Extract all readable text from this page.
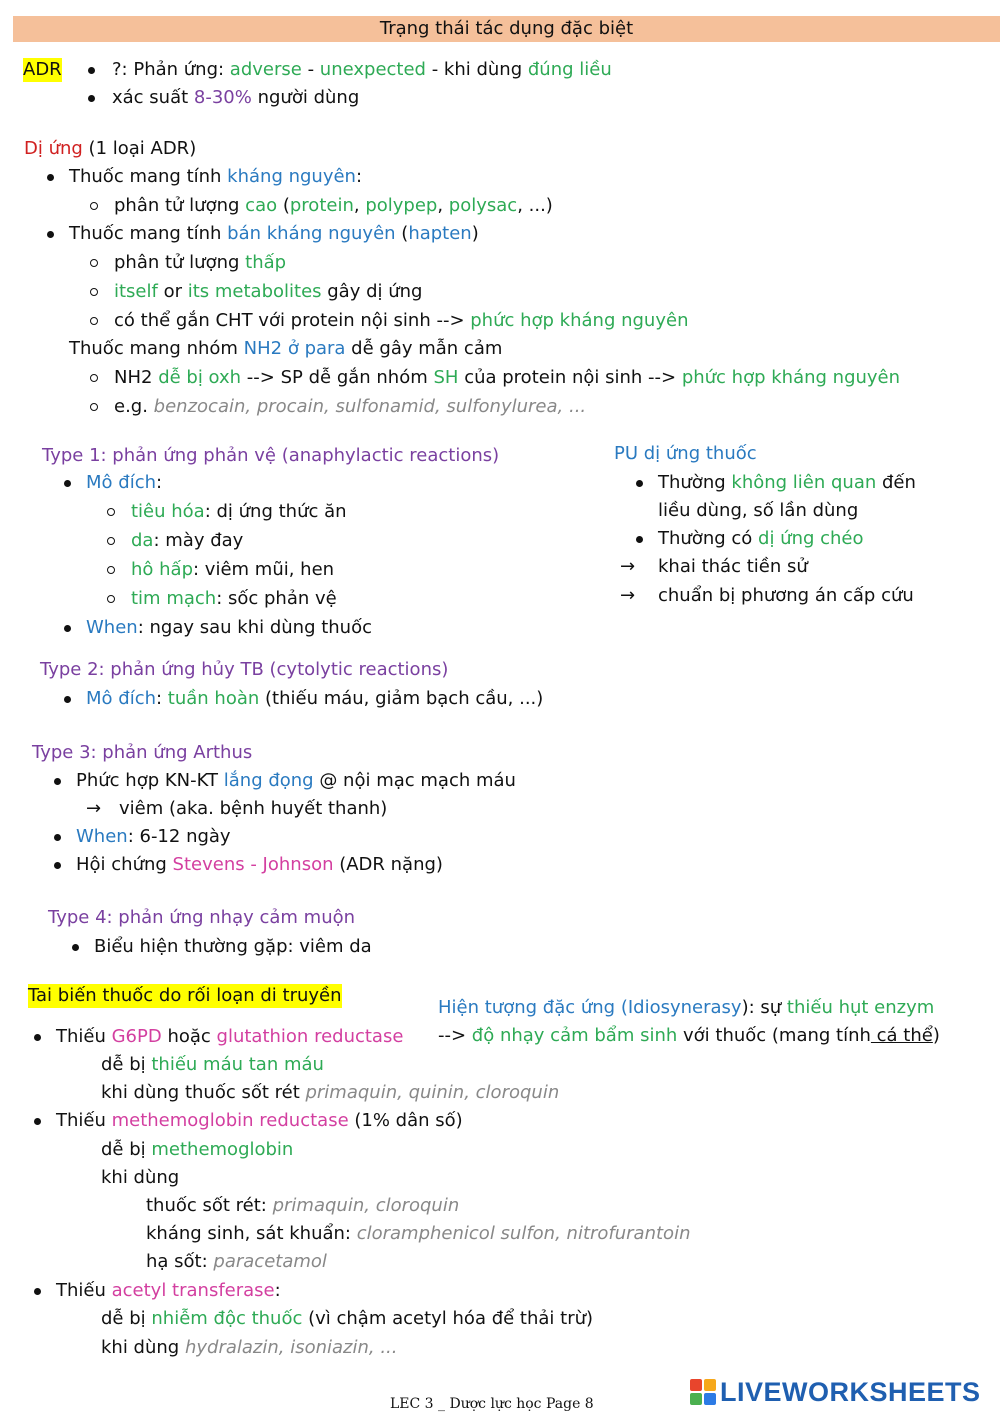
Trạng thái tác dụng đặc biệt
ADR	?: Phản ứng: adverse - unexpected - khi dùng đúng liều
xác suất 8-30% người dùng
Dị ứng (1 loại ADR)
Thuốc mang tính kháng nguyên:
phân tử lượng cao (protein, polypep, polysac, ...)
Thuốc mang tính bán kháng nguyên (hapten)
phân tử lượng thấp
itself or its metabolites gây dị ứng
có thể gắn CHT với protein nội sinh --> phức hợp kháng nguyên
Thuốc mang nhóm NH2 ở para dễ gây mẫn cảm
NH2 dễ bị oxh --> SP dễ gắn nhóm SH của protein nội sinh --> phức hợp kháng nguyên
e.g. benzocain, procain, sulfonamid, sulfonylurea, ...
Type 1: phản ứng phản vệ (anaphylactic reactions)
Mô đích:
tiêu hóa: dị ứng thức ăn
da: mày đay
hô hấp: viêm mũi, hen
tim mạch: sốc phản vệ
When: ngay sau khi dùng thuốc
PU dị ứng thuốc
Thường không liên quan đến
liều dùng, số lần dùng
Thường có dị ứng chéo
→ khai thác tiền sử
→ chuẩn bị phương án cấp cứu
Type 2: phản ứng hủy TB (cytolytic reactions)
Mô đích: tuần hoàn (thiếu máu, giảm bạch cầu, ...)
Type 3: phản ứng Arthus
Phức hợp KN-KT lắng đọng @ nội mạc mạch máu
→ viêm (aka. bệnh huyết thanh)
When: 6-12 ngày
Hội chứng Stevens - Johnson (ADR nặng)
Type 4: phản ứng nhạy cảm muộn
Biểu hiện thường gặp: viêm da
Tai biến thuốc do rối loạn di truyền
Hiện tượng đặc ứng (Idiosynerasy): sự thiếu hụt enzym
--> độ nhạy cảm bẩm sinh với thuốc (mang tính cá thể)
Thiếu G6PD hoặc glutathion reductase
dễ bị thiếu máu tan máu
khi dùng thuốc sốt rét primaquin, quinin, cloroquin
Thiếu methemoglobin reductase (1% dân số)
dễ bị methemoglobin
khi dùng
thuốc sốt rét: primaquin, cloroquin
kháng sinh, sát khuẩn: cloramphenicol sulfon, nitrofurantoin
hạ sốt: paracetamol
Thiếu acetyl transferase:
dễ bị nhiễm độc thuốc (vì chậm acetyl hóa để thải trừ)
khi dùng hydralazin, isoniazin, ...
LEC 3 _ Dược lực học Page 8	LIVEWORKSHEETS
